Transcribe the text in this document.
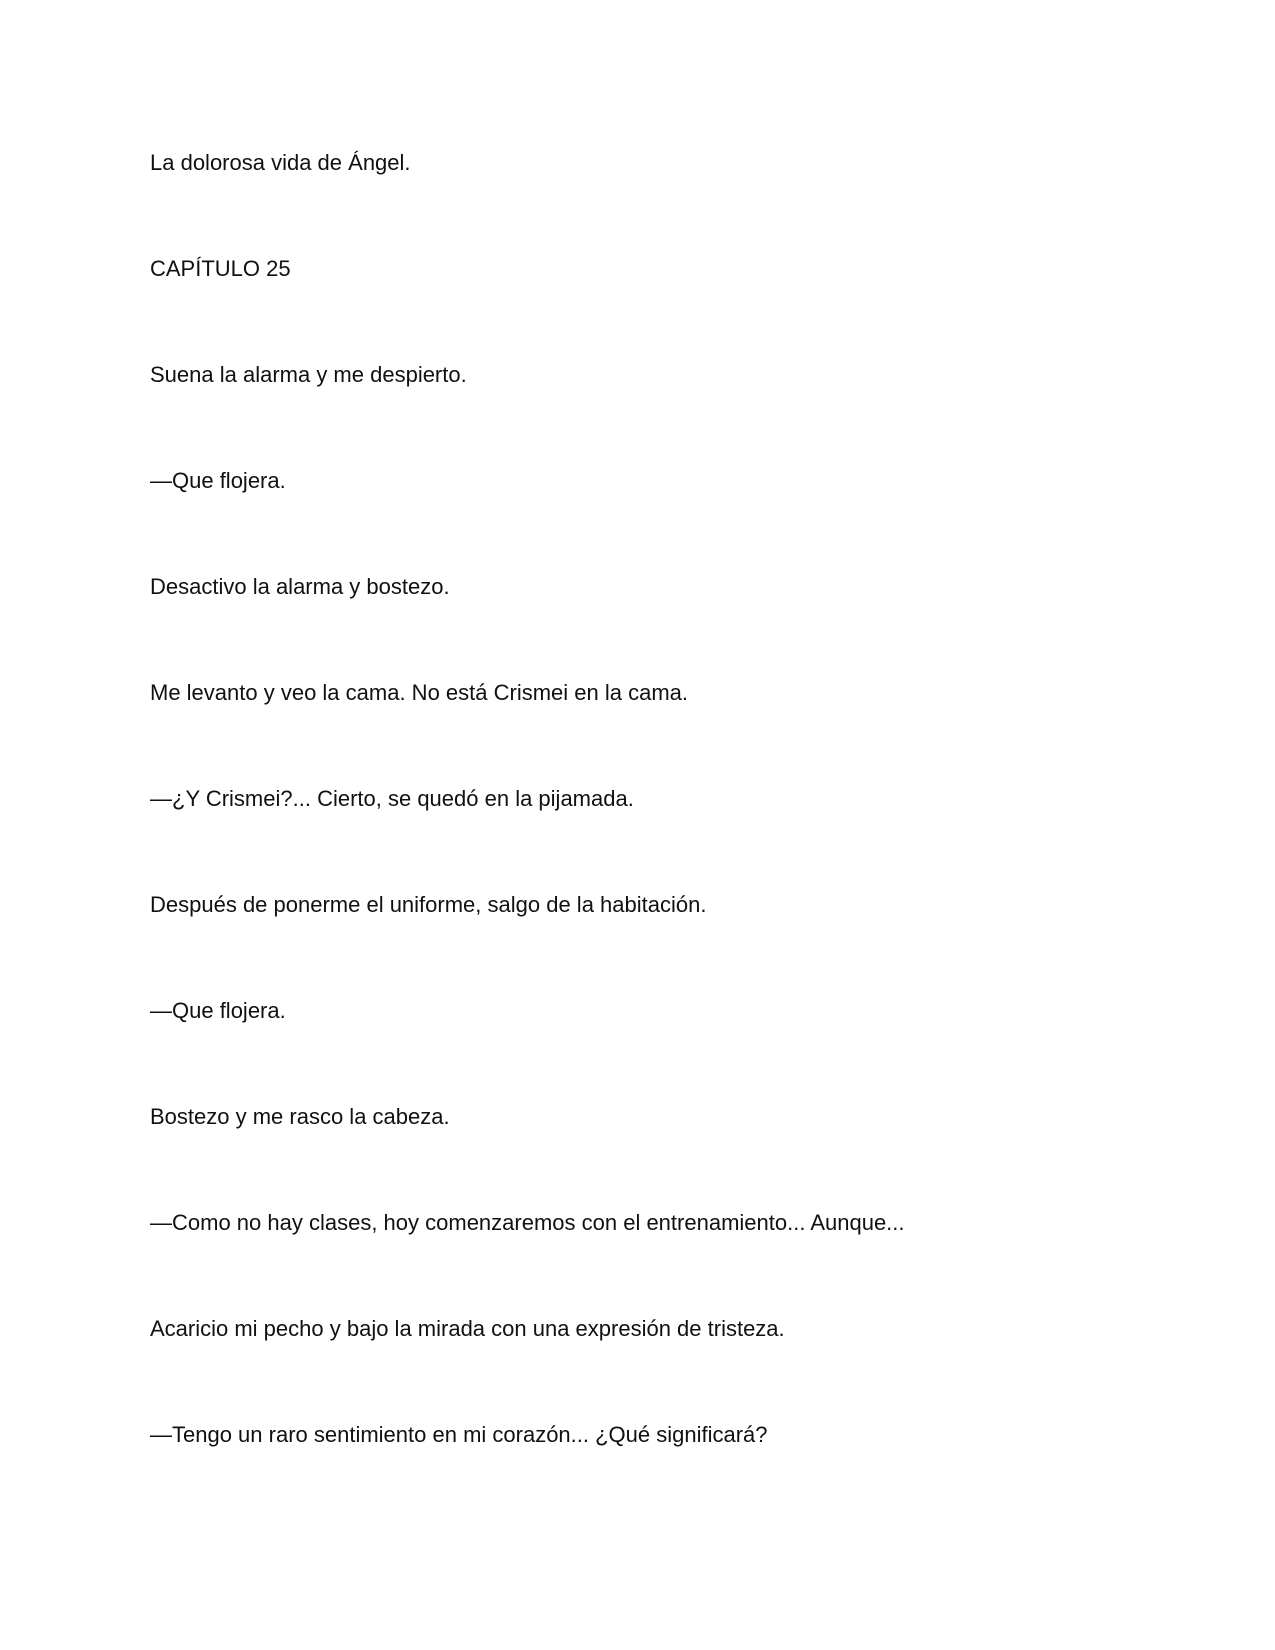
La dolorosa vida de Ángel.

CAPÍTULO 25

Suena la alarma y me despierto.

—Que flojera.

Desactivo la alarma y bostezo.

Me levanto y veo la cama. No está Crismei en la cama.

—¿Y Crismei?... Cierto, se quedó en la pijamada.

Después de ponerme el uniforme, salgo de la habitación.

—Que flojera.

Bostezo y me rasco la cabeza.

—Como no hay clases, hoy comenzaremos con el entrenamiento... Aunque...

Acaricio mi pecho y bajo la mirada con una expresión de tristeza.

—Tengo un raro sentimiento en mi corazón... ¿Qué significará?
